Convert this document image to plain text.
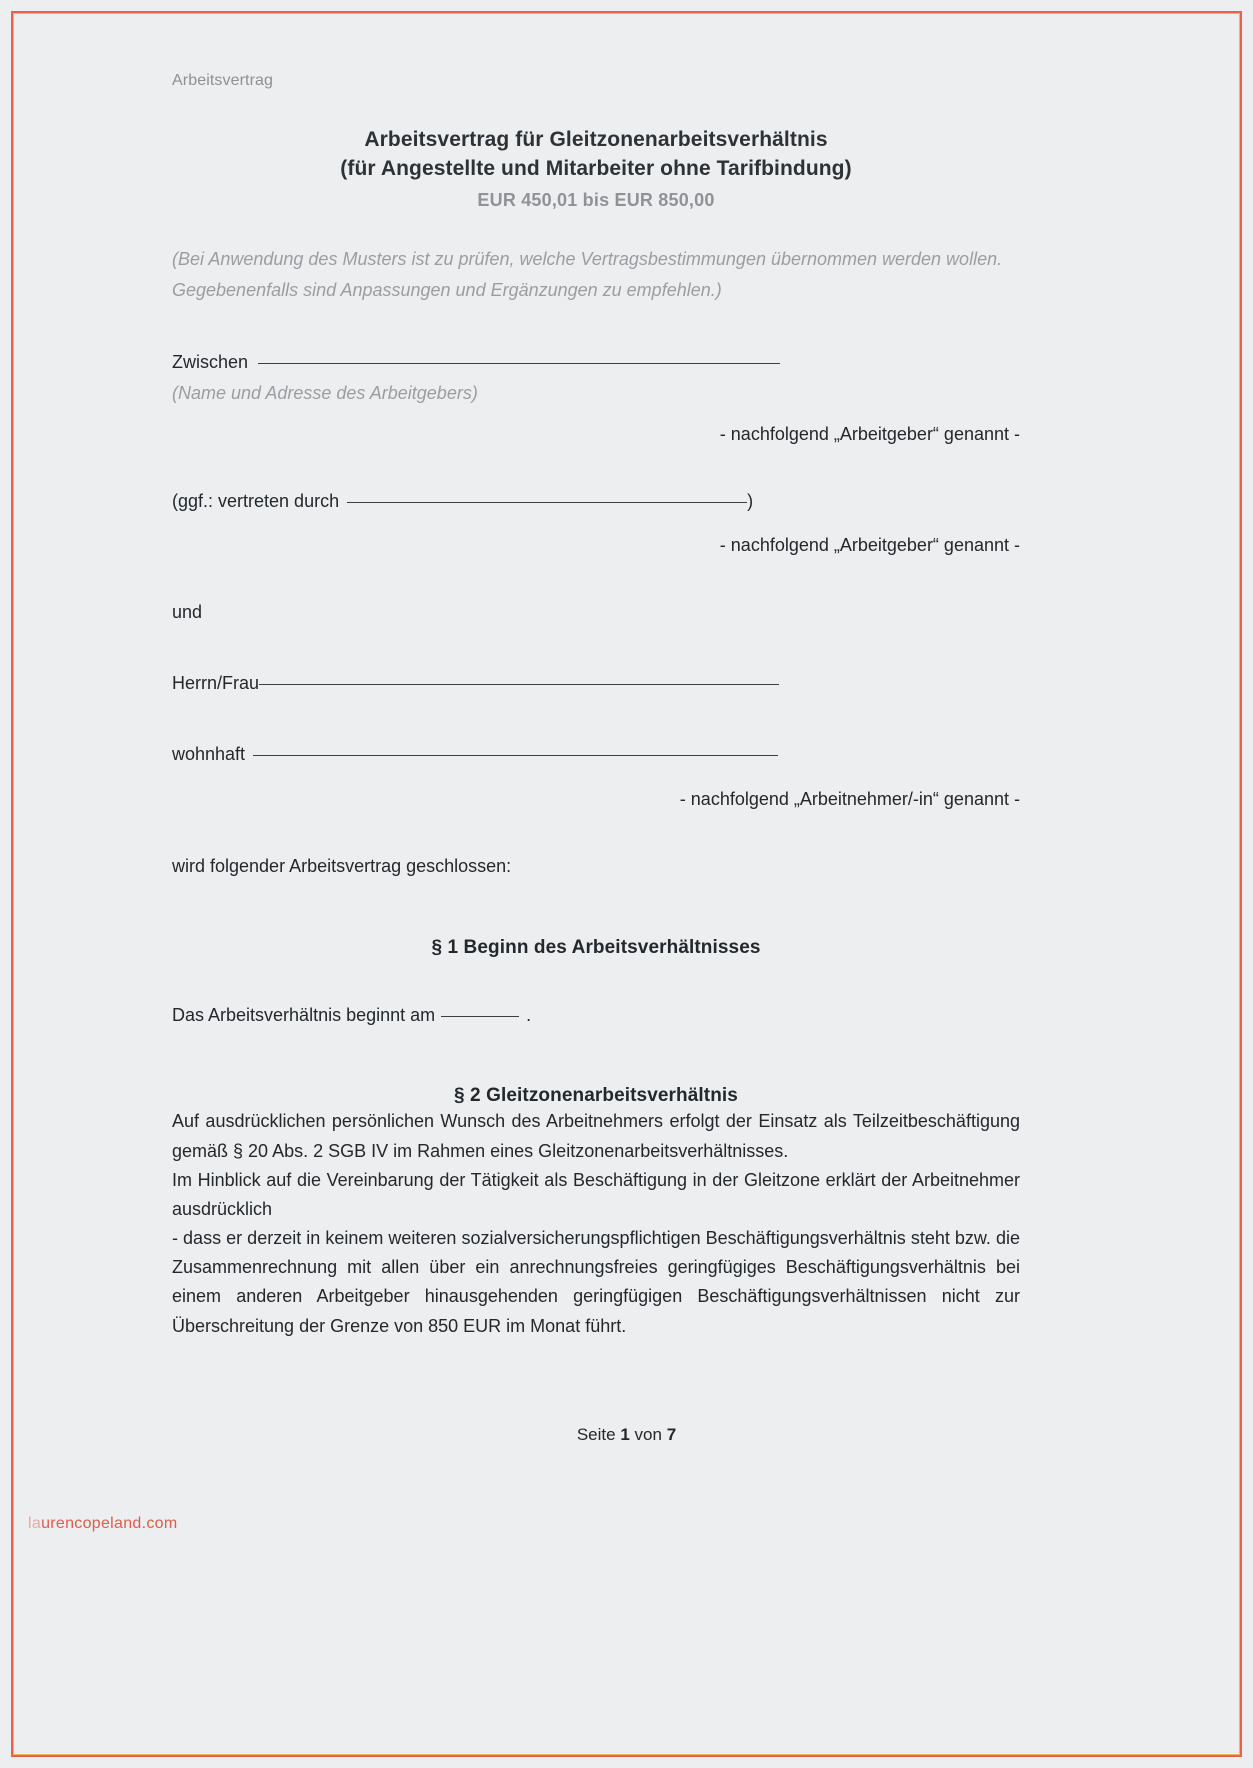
Arbeitsvertrag
Arbeitsvertrag für Gleitzonenarbeitsverhältnis
(für Angestellte und Mitarbeiter ohne Tarifbindung)
EUR 450,01 bis EUR 850,00
(Bei Anwendung des Musters ist zu prüfen, welche Vertragsbestimmungen übernommen werden wollen. Gegebenenfalls sind Anpassungen und Ergänzungen zu empfehlen.)
Zwischen
(Name und Adresse des Arbeitgebers)
- nachfolgend „Arbeitgeber“ genannt -
(ggf.: vertreten durch	)
- nachfolgend „Arbeitgeber“ genannt -
und
Herrn/Frau
wohnhaft
- nachfolgend „Arbeitnehmer/-in“ genannt -
wird folgender Arbeitsvertrag geschlossen:
§ 1 Beginn des Arbeitsverhältnisses
Das Arbeitsverhältnis beginnt am	.
§ 2 Gleitzonenarbeitsverhältnis

Auf ausdrücklichen persönlichen Wunsch des Arbeitnehmers erfolgt der Einsatz als Teilzeitbeschäftigung gemäß § 20 Abs. 2 SGB IV im Rahmen eines Gleitzonenarbeitsverhältnisses.

Im Hinblick auf die Vereinbarung der Tätigkeit als Beschäftigung in der Gleitzone erklärt der Arbeitnehmer ausdrücklich

- dass er derzeit in keinem weiteren sozialversicherungspflichtigen Beschäftigungsverhältnis steht bzw. die Zusammenrechnung mit allen über ein anrechnungsfreies geringfügiges Beschäftigungsverhältnis bei einem anderen Arbeitgeber hinausgehenden geringfügigen Beschäftigungsverhältnissen nicht zur Überschreitung der Grenze von 850 EUR im Monat führt.

Seite 1 von 7
laurencopeland.com
